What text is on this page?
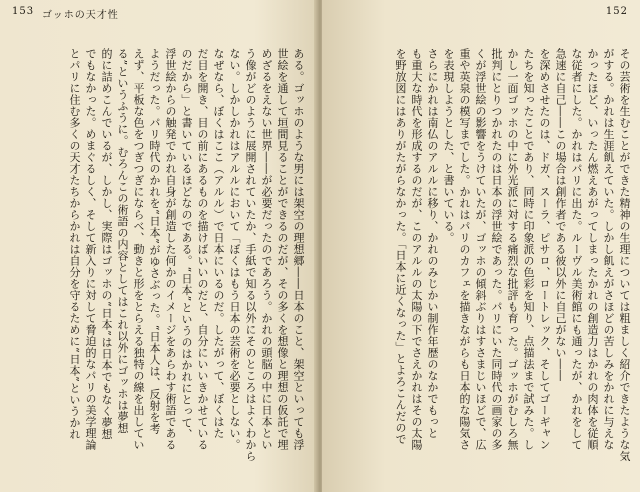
153 ゴッホの天才性
ある。ゴッホのような男には架空の理想郷――日本のこと、架空といっても浮
世絵を通して垣間見ることができるのだが、その多くを想像と理想の仮託で埋
めざるをえない世界――が必要だったのであろう。かれの頭脳の中に日本とい
う像がどのように展開されていたか、手紙で知る以外にそのところはよくわから
ない。しかしかれはアルルにおいて「ぼくはもう日本の芸術を必要としない。
なぜなら、ぼくはここ（アルル）で日本にいるのだ。したがって、ぼくはた
だ目を開き、目の前にあるものを描けばいいのだと、自分にいいきかせている
のだから」と書いているほどなのである。“日本”というのはかれにとって、
浮世絵からの触発でかれ自身が創造した何かのイメージをあらわす術語である
ようだった。パリ時代のかれを“日本”がゆさぶった。“日本人は、反射を考
えず、平板な色をつぎつぎにならべ、動きと形をとらえる独特の線を出してい
る”というふうに。むろんこの術語の内容としてはこれ以外にゴッホは夢想
的に詰めこんでいるが、しかし、実際はゴッホの“日本”は日本でもなく夢想
でもなかった。めまぐるしく、そして新入りに対して脅迫的なパリの美学理論
とパリに住む多くの天才たちからかれは自分を守るために“日本”というかれ
152
その芸術を生むことができた精神の生理については粗ましく紹介できたような気
がする。かれは生涯飢えていた。しかし飢えがさほどの苦しみをかれに与えな
かったほど、いったん燃えあがってしまったかれの創造力はかれの肉体を従順
な従者にした。かれはパリに出た。ルーヴル美術館にも通ったが、かれをして
急速に自己――この場合は創作者である彼以外に自己がない――
を深めさせたのは、ドガ、スーラ、ピサロ、ロートレック、そしてゴーギャン
たちを知ったことであり、同時に印象派の色彩を知り、点描法まで試みた。し
かし一面ゴッホの中に外光派に対する痛烈な批評も育った。ゴッホがむしろ無
批判にとりつかれたのは日本の浮世絵であった。パリにいた同時代の画家の多
くが浮世絵の影響をうけていたが、ゴッホの傾斜ぶりはすさまじいほどで、広
重や英泉の模写までした。かれはパリのカフェを描きながらも日本的な陽気さ
を表現しようとした、と書いている。
さらにかれは南仏のアルルに移り、かれのみじかい制作年歴のなかでもっと
も重大な時代を形成するのだが、このアルルの太陽の下でさえかれはその太陽
を野放図にはありがたがらなかった。「日本に近くなった」とよろこんだので
